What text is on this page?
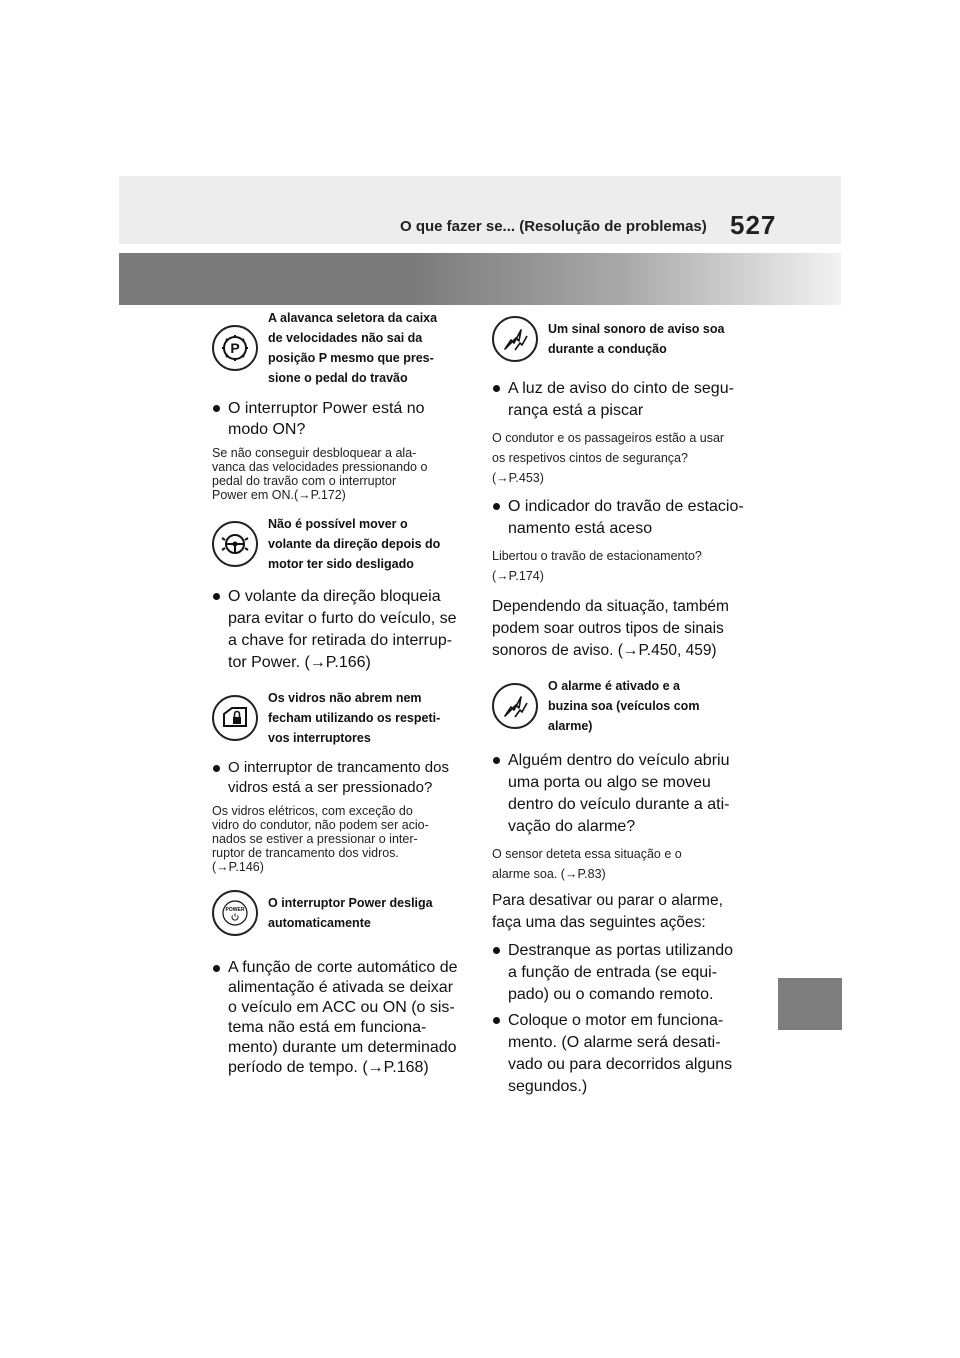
O que fazer se... (Resolução de problemas) 527
P
A alavanca seletora da caixa
de velocidades não sai da
posição P mesmo que pres-
sione o pedal do travão
O interruptor Power está no
modo ON?
Se não conseguir desbloquear a ala-
vanca das velocidades pressionando o
pedal do travão com o interruptor
Power em ON.(→P.172)
Não é possível mover o
volante da direção depois do
motor ter sido desligado
O volante da direção bloqueia
para evitar o furto do veículo, se
a chave for retirada do interrup-
tor Power. (→P.166)
Os vidros não abrem nem
fecham utilizando os respeti-
vos interruptores
O interruptor de trancamento dos
vidros está a ser pressionado?
Os vidros elétricos, com exceção do
vidro do condutor, não podem ser acio-
nados se estiver a pressionar o inter-
ruptor de trancamento dos vidros.
(→P.146)
POWER O interruptor Power desliga
automaticamente
A função de corte automático de
alimentação é ativada se deixar
o veículo em ACC ou ON (o sis-
tema não está em funciona-
mento) durante um determinado
período de tempo. (→P.168)
Um sinal sonoro de aviso soa
durante a condução
A luz de aviso do cinto de segu-
rança está a piscar
O condutor e os passageiros estão a usar
os respetivos cintos de segurança?
(→P.453)
O indicador do travão de estacio-
namento está aceso
Libertou o travão de estacionamento?
(→P.174)
Dependendo da situação, também
podem soar outros tipos de sinais
sonoros de aviso. (→P.450, 459)
O alarme é ativado e a
buzina soa (veículos com
alarme)
Alguém dentro do veículo abriu
uma porta ou algo se moveu
dentro do veículo durante a ati-
vação do alarme?
O sensor deteta essa situação e o
alarme soa. (→P.83)
Para desativar ou parar o alarme,
faça uma das seguintes ações:
Destranque as portas utilizando
a função de entrada (se equi-
pado) ou o comando remoto.
Coloque o motor em funciona-
mento. (O alarme será desati-
vado ou para decorridos alguns
segundos.)
